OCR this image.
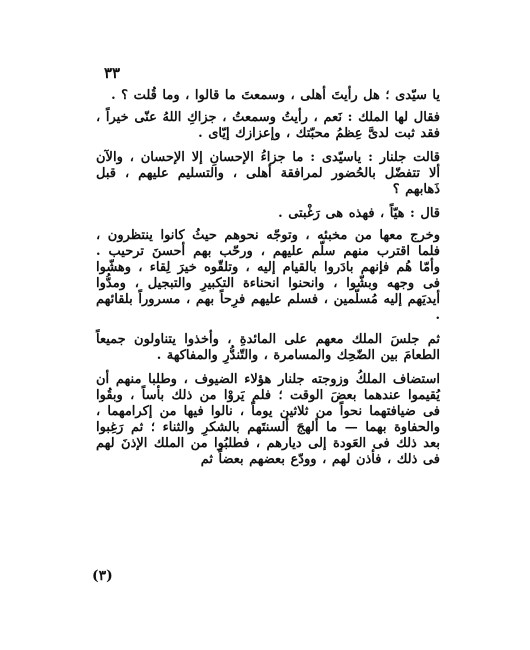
٣٣

يا سيّدى ؛ هل رأيتَ أهلى ، وسمعتَ ما قالوا ، وما قُلت ؟ .

فقال لها الملك : نَعم ، رأيتُ وسمعتُ ، جزاكِ اللهُ عنّى خيراً ، فقد ثبت لدىَّ عِظمُ محبّتك ، وإعزازك إيّاى .

قالت جلنار : ياسيّدى : ما جزاءُ الإحسانِ إلا الإحسان ، والآن ألا تتفضّل بالحُضور لمرافقة أهلى ، والتسليم عليهم ، قبل ذَهابهم ؟

قال : هيّاً ، فهذه هى رَغْبتى .

وخرج معها من مخبئه ، وتوجّه نحوهم حيثُ كانوا ينتظرون ، فلما اقترب منهم سلّم عليهم ، ورحّب بهم أحسنَ ترحيب . وأمّا هُم فإنهم بادَروا بالقيام إليه ، وتلقّوه خيرَ لِقاء ، وهشّوا فى وجهه وبشّوا ، وانحنوا انحناءة التكبيرِ والتبجيل ، ومدُّوا أيديَهم إليه مُسلّمين ، فسلم عليهم فرِحاً بهم ، مسروراً بلقائهم .

ثم جلسَ الملك معهم على المائدةِ ، وأخذوا يتناولون جميعاً الطعامَ بين الضّحِك والمسامرة ، والتّندُّرِ والمفاكهة .

استضاف الملكُ وزوجته جلنار هؤلاء الضيوف ، وطلبا منهم أن يُقيموا عندهما بعضَ الوقت ؛ فلم يَروْا من ذلك بأساً ، وبقُوا فى ضيافتهما نحواً من ثلاثين يوماً ، نالوا فيها من إكرامهما ، والحفاوة بهما — ما ألهجَ ألسنتَهم بالشكرِ والثناء ؛ ثم رَغِبوا بعد ذلك فى العَودة إلى ديارهم ، فطلبُوا من الملك الإذنَ لهم فى ذلك ، فأذن لهم ، وودّع بعضهم بعضاً ثم

(٣)
